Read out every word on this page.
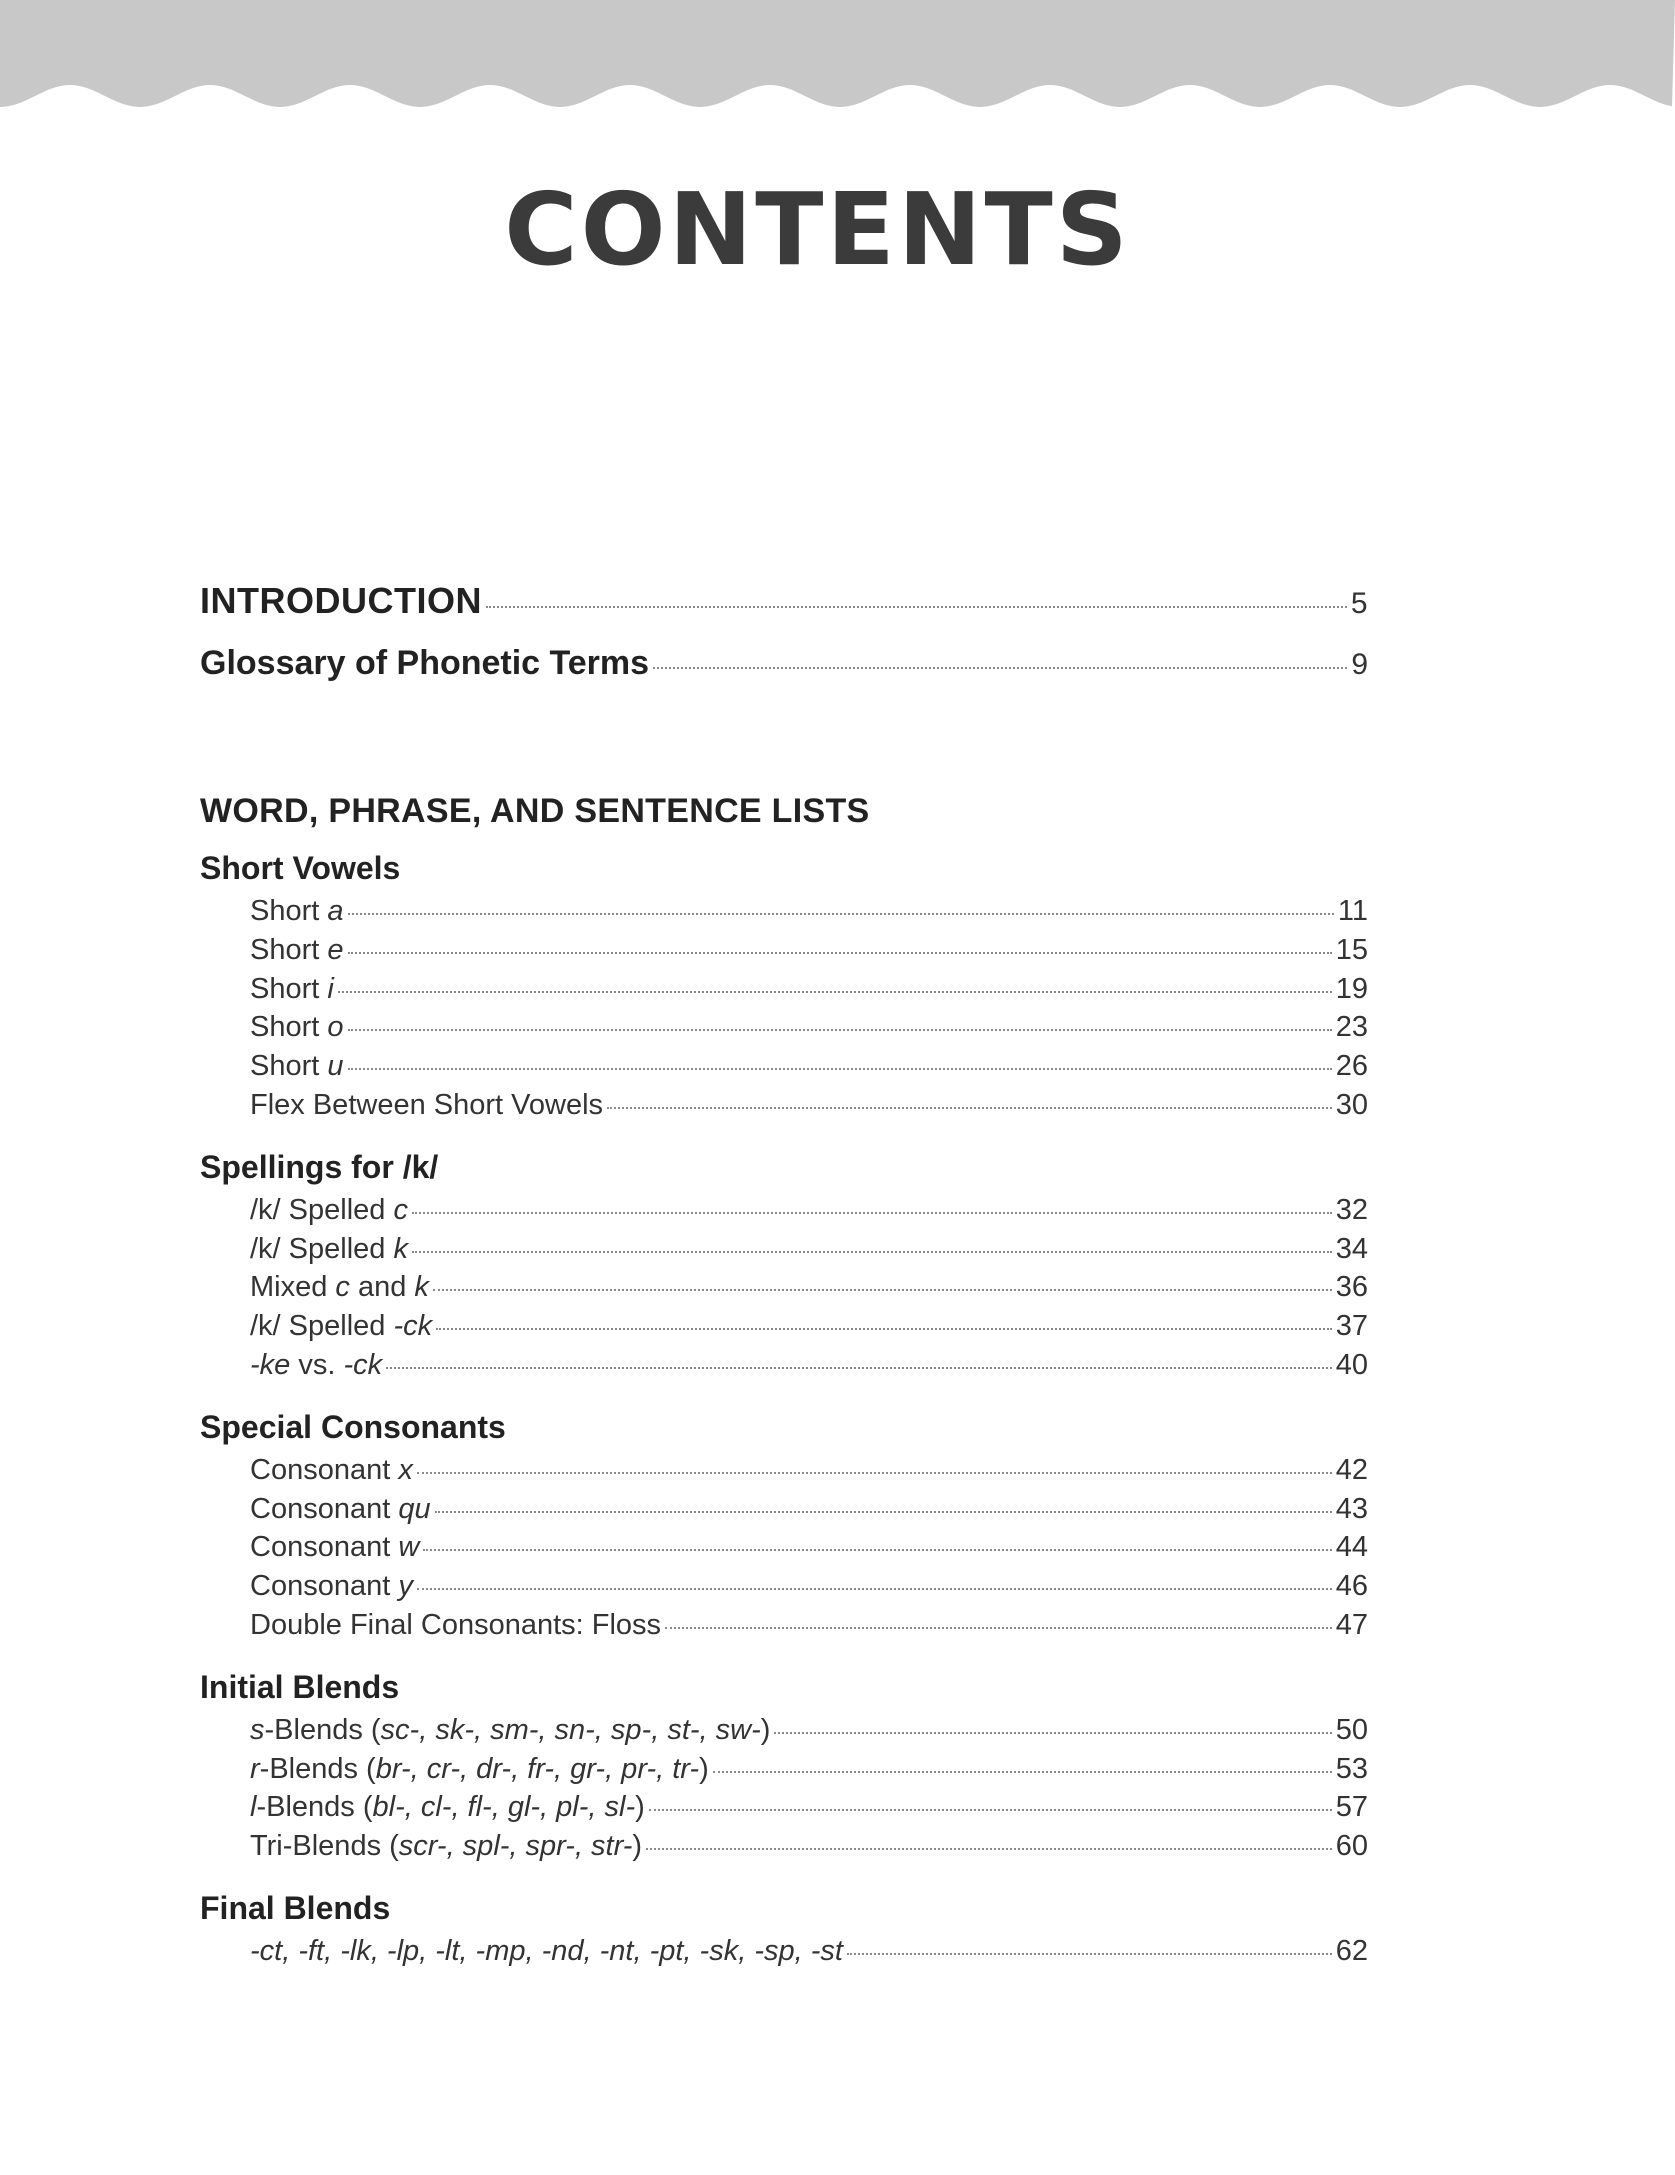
CONTENTS
INTRODUCTION	5
Glossary of Phonetic Terms	9
WORD, PHRASE, AND SENTENCE LISTS
Short Vowels
Short a	11
Short e	15
Short i	19
Short o	23
Short u	26
Flex Between Short Vowels	30
Spellings for /k/
/k/ Spelled c	32
/k/ Spelled k	34
Mixed c and k	36
/k/ Spelled -ck	37
-ke vs. -ck	40
Special Consonants
Consonant x	42
Consonant qu	43
Consonant w	44
Consonant y	46
Double Final Consonants: Floss	47
Initial Blends
s-Blends (sc-, sk-, sm-, sn-, sp-, st-, sw-)	50
r-Blends (br-, cr-, dr-, fr-, gr-, pr-, tr-)	53
l-Blends (bl-, cl-, fl-, gl-, pl-, sl-)	57
Tri-Blends (scr-, spl-, spr-, str-)	60
Final Blends
-ct, -ft, -lk, -lp, -lt, -mp, -nd, -nt, -pt, -sk, -sp, -st	62
